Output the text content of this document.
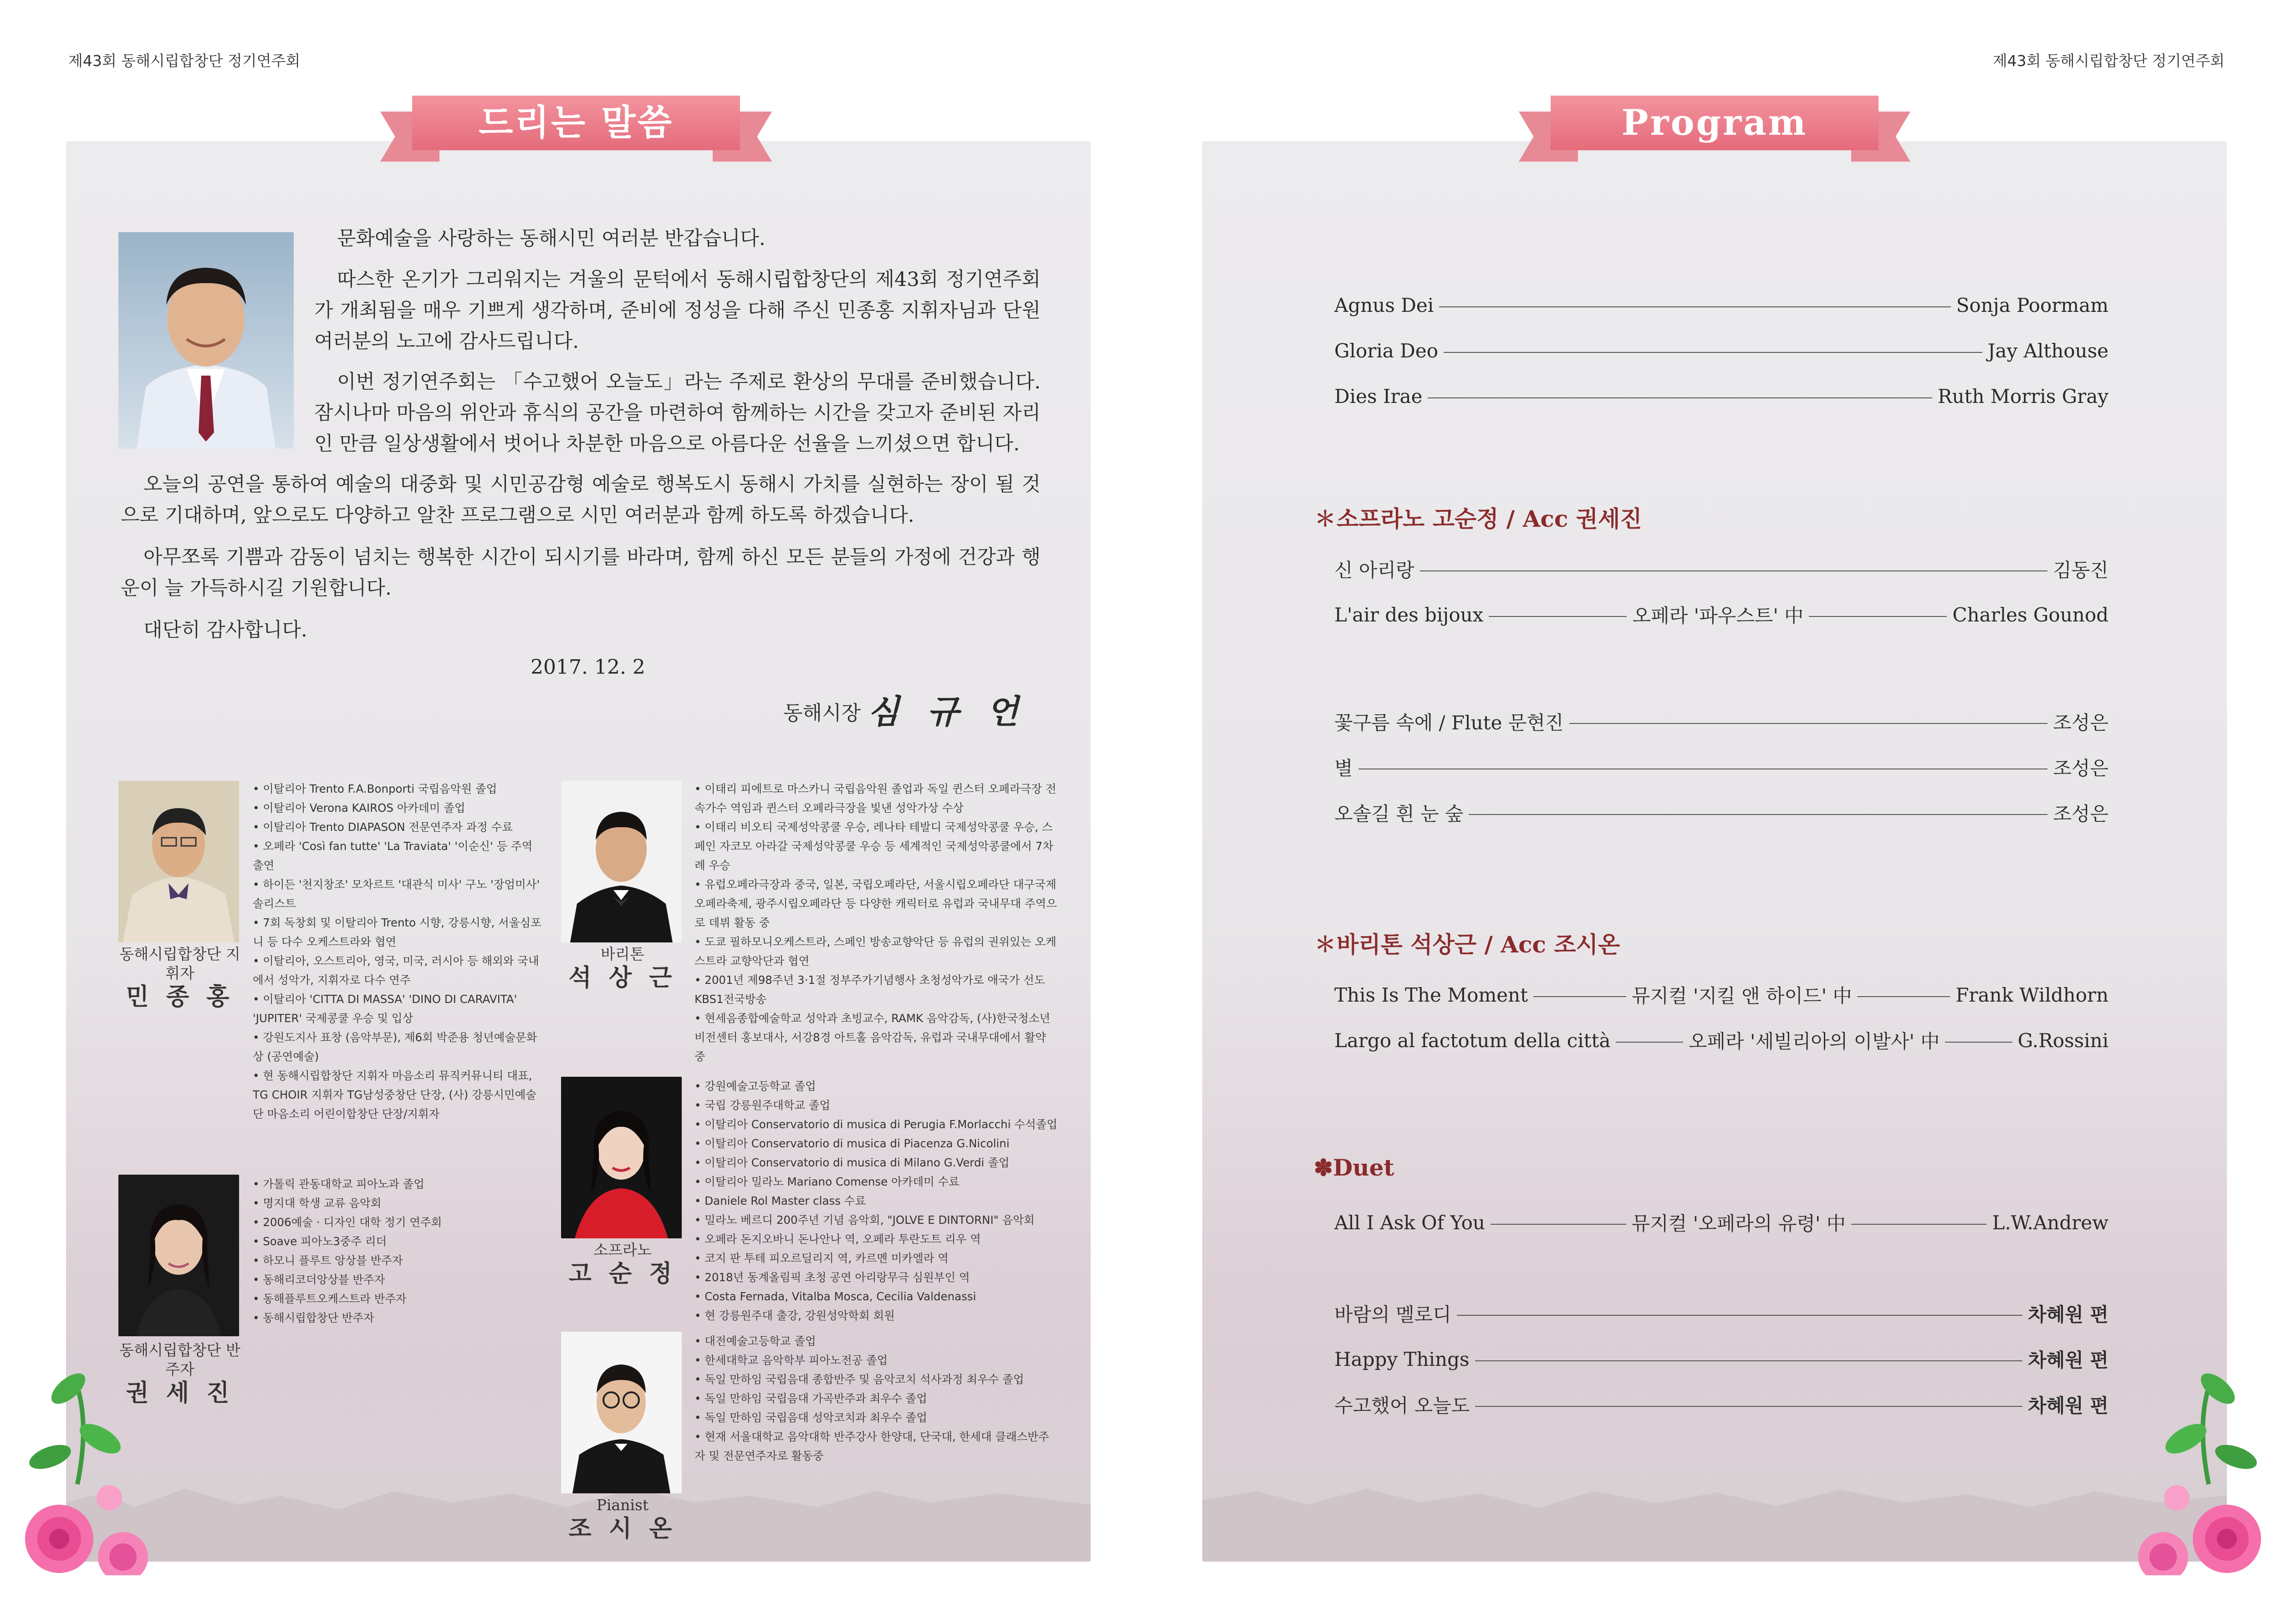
제43회 동해시립합창단 정기연주회	제43회 동해시립합창단 정기연주회
드리는 말씀

문화예술을 사랑하는 동해시민 여러분 반갑습니다.

따스한 온기가 그리워지는 겨울의 문턱에서 동해시립합창단의 제43회 정기연주회가 개최됨을 매우 기쁘게 생각하며, 준비에 정성을 다해 주신 민종홍 지휘자님과 단원 여러분의 노고에 감사드립니다.

이번 정기연주회는 「수고했어 오늘도」라는 주제로 환상의 무대를 준비했습니다. 잠시나마 마음의 위안과 휴식의 공간을 마련하여 함께하는 시간을 갖고자 준비된 자리인 만큼 일상생활에서 벗어나 차분한 마음으로 아름다운 선율을 느끼셨으면 합니다.

오늘의 공연을 통하여 예술의 대중화 및 시민공감형 예술로 행복도시 동해시 가치를 실현하는 장이 될 것으로 기대하며, 앞으로도 다양하고 알찬 프로그램으로 시민 여러분과 함께 하도록 하겠습니다.

아무쪼록 기쁨과 감동이 넘치는 행복한 시간이 되시기를 바라며, 함께 하신 모든 분들의 가정에 건강과 행운이 늘 가득하시길 기원합니다.

대단히 감사합니다.

2017. 12. 2
동해시장 심 규 언
동해시립합창단 지휘자
민 종 홍
• 이탈리아 Trento F.A.Bonporti 국립음악원 졸업
• 이탈리아 Verona KAIROS 아카데미 졸업
• 이탈리아 Trento DIAPASON 전문연주자 과정 수료
• 오페라 'Così fan tutte' 'La Traviata' '이순신' 등 주역 출연
• 하이든 '천지창조' 모차르트 '대관식 미사' 구노 '장엄미사' 솔리스트
• 7회 독창회 및 이탈리아 Trento 시향, 강릉시향, 서울심포니 등 다수 오케스트라와 협연
• 이탈리아, 오스트리아, 영국, 미국, 러시아 등 해외와 국내에서 성악가, 지휘자로 다수 연주
• 이탈리아 'CITTA DI MASSA' 'DINO DI CARAVITA' 'JUPITER' 국제콩쿨 우승 및 입상
• 강원도지사 표창 (음악부문), 제6회 박준용 청년예술문화상 (공연예술)
• 현 동해시립합창단 지휘자 마음소리 뮤직커뮤니티 대표, TG CHOIR 지휘자 TG남성중창단 단장, (사) 강릉시민예술단 마음소리 어린이합창단 단장/지휘자
동해시립합창단 반주자
권 세 진
• 가톨릭 관동대학교 피아노과 졸업
• 명지대 학생 교류 음악회
• 2006예술 · 디자인 대학 정기 연주회
• Soave 피아노3중주 리더
• 하모니 플루트 앙상블 반주자
• 동해리코더앙상블 반주자
• 동해플루트오케스트라 반주자
• 동해시립합창단 반주자
바리톤
석 상 근
• 이태리 피에트로 마스카니 국립음악원 졸업과 독일 퀸스터 오페라극장 전속가수 역임과 퀸스터 오페라극장을 빛낸 성악가상 수상
• 이태리 비오티 국제성악콩쿨 우승, 레나타 테발디 국제성악콩쿨 우승, 스페인 자코모 아라갈 국제성악콩쿨 우승 등 세계적인 국제성악콩쿨에서 7차례 우승
• 유럽오페라극장과 중국, 일본, 국립오페라단, 서울시립오페라단 대구국제오페라축제, 광주시립오페라단 등 다양한 캐릭터로 유럽과 국내무대 주역으로 데뷔 활동 중
• 도쿄 필하모니오케스트라, 스페인 방송교향악단 등 유럽의 권위있는 오케스트라 교향악단과 협연
• 2001년 제98주년 3·1절 정부주가기념행사 초청성악가로 애국가 선도 KBS1전국방송
• 현세음종합예술학교 성악과 초빙교수, RAMK 음악감독, (사)한국청소년비전센터 홍보대사, 서강8경 아트홀 음악감독, 유럽과 국내무대에서 활약 중
소프라노
고 순 정
• 강원예술고등학교 졸업
• 국립 강릉원주대학교 졸업
• 이탈리아 Conservatorio di musica di Perugia F.Morlacchi 수석졸업
• 이탈리아 Conservatorio di musica di Piacenza G.Nicolini
• 이탈리아 Conservatorio di musica di Milano G.Verdi 졸업
• 이탈리아 밀라노 Mariano Comense 아카데미 수료
• Daniele Rol Master class 수료
• 밀라노 베르디 200주년 기념 음악회, "JOLVE E DINTORNI" 음악회
• 오페라 돈지오바니 돈나안나 역, 오페라 투란도트 리우 역
• 코지 판 투테 피오르딜리지 역, 카르멘 미카엘라 역
• 2018년 동계올림픽 초청 공연 아리랑무극 심원부인 역
• Costa Fernada, Vitalba Mosca, Cecilia Valdenassi
• 현 강릉원주대 출강, 강원성악학회 회원
Pianist
조 시 온
• 대전예술고등학교 졸업
• 한세대학교 음악학부 피아노전공 졸업
• 독일 만하임 국립음대 종합반주 및 음악코치 석사과정 최우수 졸업
• 독일 만하임 국립음대 가곡반주과 최우수 졸업
• 독일 만하임 국립음대 성악코치과 최우수 졸업
• 현재 서울대학교 음악대학 반주강사 한양대, 단국대, 한세대 클래스반주자 및 전문연주자로 활동중
Program
Agnus Dei	Sonja Poormam
Gloria Deo	Jay Althouse
Dies Irae	Ruth Morris Gray
✽소프라노 고순정 / Acc 권세진
신 아리랑	김동진
L'air des bijoux	오페라 '파우스트' 中	Charles Gounod
꽃구름 속에 / Flute 문현진	조성은
별	조성은
오솔길 흰 눈 숲	조성은
✽바리톤 석상근 / Acc 조시온
This Is The Moment	뮤지컬 '지킬 앤 하이드' 中	Frank Wildhorn
Largo al factotum della città	오페라 '세빌리아의 이발사' 中	G.Rossini
✽Duet
All I Ask Of You	뮤지컬 '오페라의 유령' 中	L.W.Andrew
바람의 멜로디	차혜원 편
Happy Things	차혜원 편
수고했어 오늘도	차혜원 편
